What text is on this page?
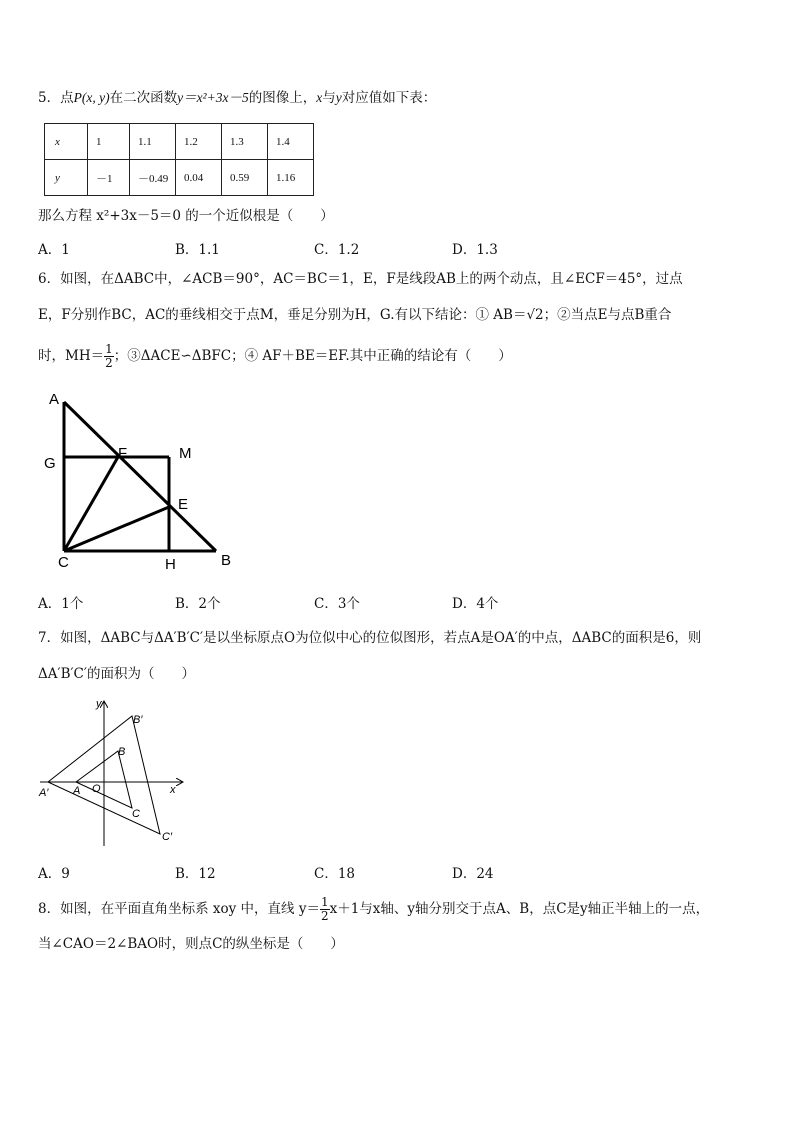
5．点P(x, y)在二次函数y＝x²+3x－5的图像上，x与y对应值如下表：
x	1	1.1	1.2	1.3	1.4
y	－1	－0.49	0.04	0.59	1.16
那么方程 x²+3x－5＝0 的一个近似根是（　　）
A．1	B．1.1	C．1.2	D．1.3
6．如图，在ΔABC中，∠ACB＝90°，AC＝BC＝1，E，F是线段AB上的两个动点，且∠ECF＝45°，过点
E，F分别作BC，AC的垂线相交于点M，垂足分别为H，G.有以下结论：① AB＝√2；②当点E与点B重合
时，$MH= \frac{1}{2}$ ；③ΔACE∽ΔBFC；④ AF＋BE＝EF.其中正确的结论有（　　）
A
G
F	M
E
C	H	B
A．1个	B．2个	C．3个	D．4个
7．如图，ΔABC与ΔA′B′C′是以坐标原点O为位似中心的位似图形，若点A是OA′的中点，ΔABC的面积是6，则
ΔA′B′C′的面积为（　　）
y
B′
B
A′ A O	x
C
C′
A．9	B．12	C．18	D．24
8．如图，在平面直角坐标系 xoy 中，直线 $y= \frac{1}{2} x+1$与x轴、y轴分别交于点A、B，点C是y轴正半轴上的一点，
当∠CAO＝2∠BAO时，则点C的纵坐标是（　　）
